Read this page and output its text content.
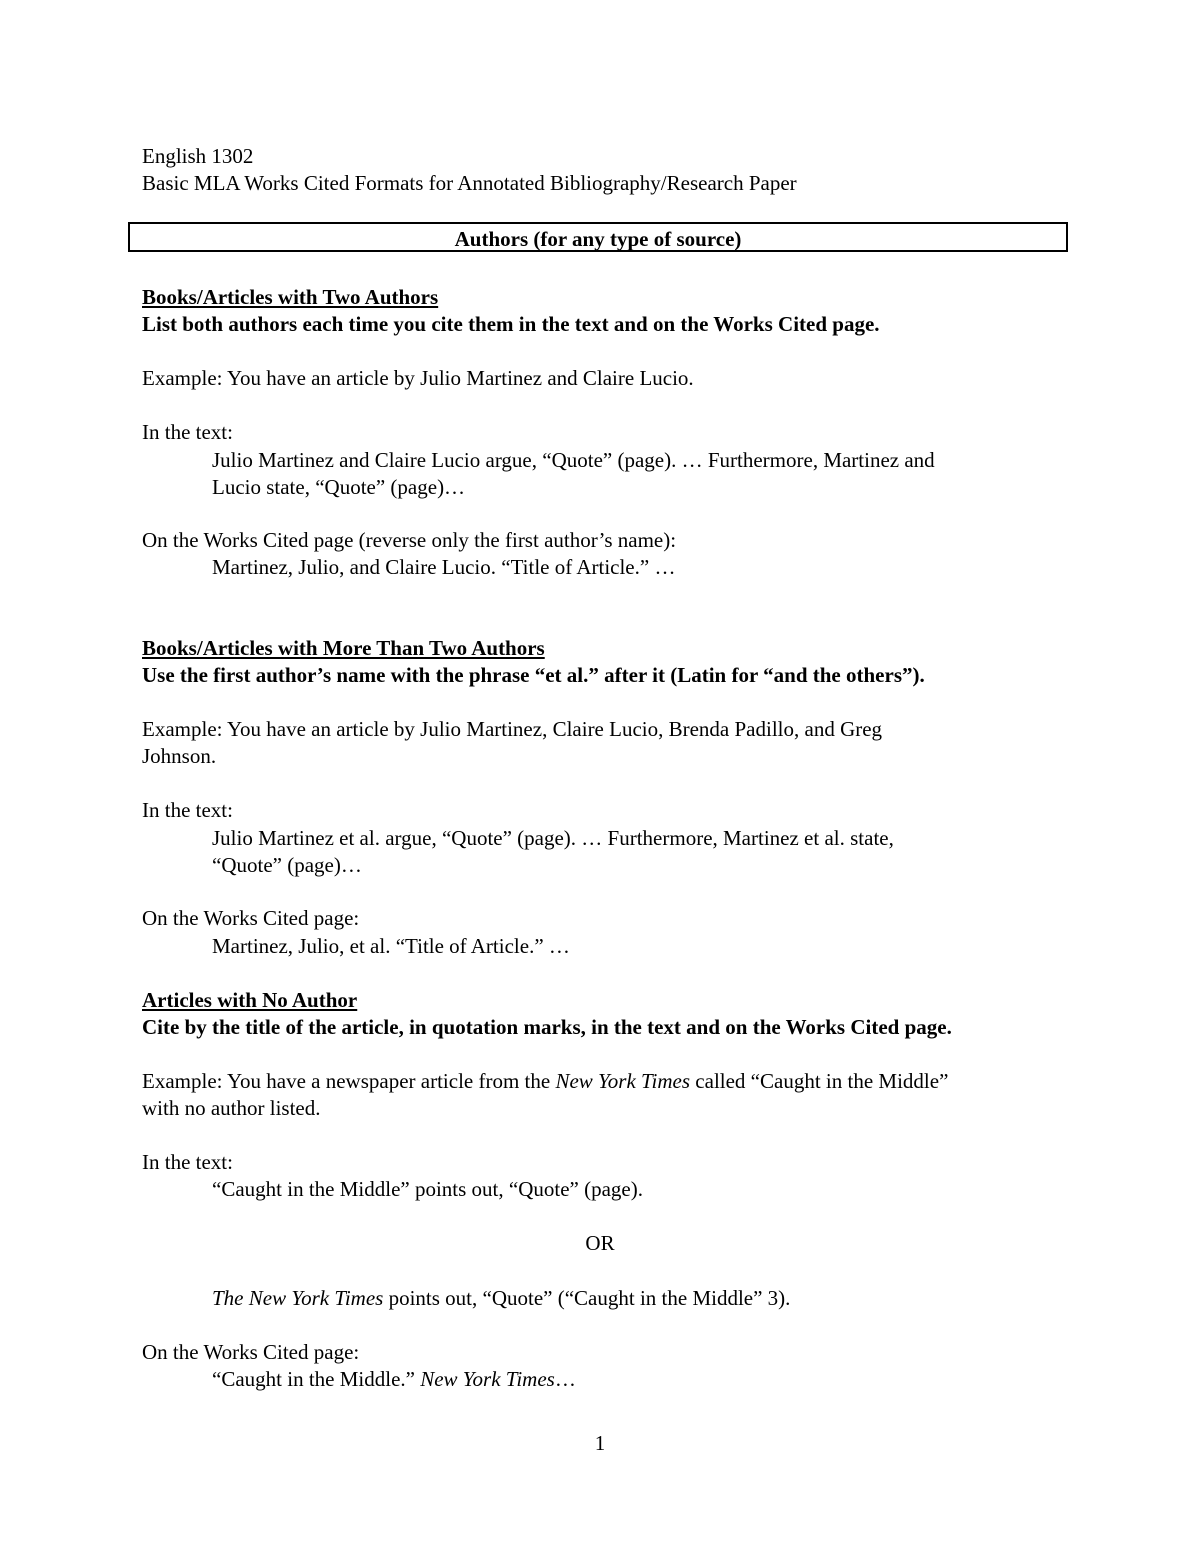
English 1302
Basic MLA Works Cited Formats for Annotated Bibliography/Research Paper
Authors (for any type of source)
Books/Articles with Two Authors
List both authors each time you cite them in the text and on the Works Cited page.
Example: You have an article by Julio Martinez and Claire Lucio.
In the text:
Julio Martinez and Claire Lucio argue, “Quote” (page). … Furthermore, Martinez and
Lucio state, “Quote” (page)…
On the Works Cited page (reverse only the first author’s name):
Martinez, Julio, and Claire Lucio. “Title of Article.” …
Books/Articles with More Than Two Authors
Use the first author’s name with the phrase “et al.” after it (Latin for “and the others”).
Example: You have an article by Julio Martinez, Claire Lucio, Brenda Padillo, and Greg
Johnson.
In the text:
Julio Martinez et al. argue, “Quote” (page). … Furthermore, Martinez et al. state,
“Quote” (page)…
On the Works Cited page:
Martinez, Julio, et al. “Title of Article.” …
Articles with No Author
Cite by the title of the article, in quotation marks, in the text and on the Works Cited page.
Example: You have a newspaper article from the New York Times called “Caught in the Middle”
with no author listed.
In the text:
“Caught in the Middle” points out, “Quote” (page).
OR
The New York Times points out, “Quote” (“Caught in the Middle” 3).
On the Works Cited page:
“Caught in the Middle.” New York Times…
1
